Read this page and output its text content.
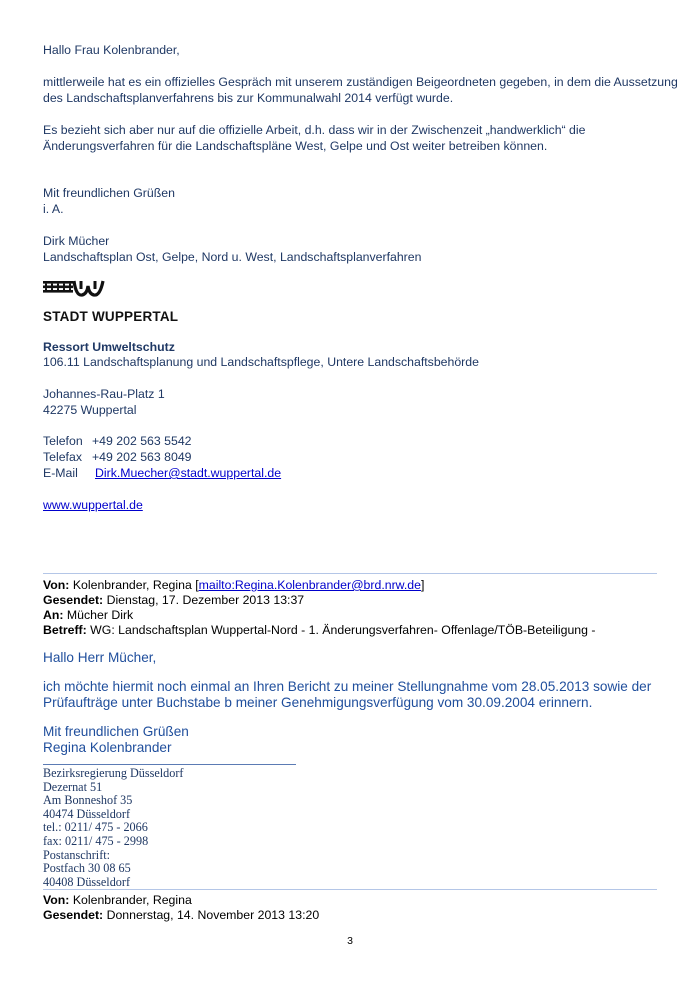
Hallo Frau Kolenbrander,

mittlerweile hat es ein offizielles Gespräch mit unserem zuständigen Beigeordneten gegeben, in dem die Aussetzung

des Landschaftsplanverfahrens bis zur Kommunalwahl 2014 verfügt wurde.

Es bezieht sich aber nur auf die offizielle Arbeit, d.h. dass wir in der Zwischenzeit „handwerklich“ die

Änderungsverfahren für die Landschaftspläne West, Gelpe und Ost weiter betreiben können.

Mit freundlichen Grüßen
i. A.
Dirk Mücher
Landschaftsplan Ost, Gelpe, Nord u. West, Landschaftsplanverfahren
STADT WUPPERTAL
Ressort Umweltschutz
106.11 Landschaftsplanung und Landschaftspflege, Untere Landschaftsbehörde
Johannes-Rau-Platz 1
42275 Wuppertal
Telefon +49 202 563 5542
Telefax +49 202 563 8049
E-Mail Dirk.Muecher@stadt.wuppertal.de
www.wuppertal.de
Von: Kolenbrander, Regina [mailto:Regina.Kolenbrander@brd.nrw.de]
Gesendet: Dienstag, 17. Dezember 2013 13:37
An: Mücher Dirk
Betreff: WG: Landschaftsplan Wuppertal-Nord - 1. Änderungsverfahren- Offenlage/TÖB-Beteiligung -
Hallo Herr Mücher,
ich möchte hiermit noch einmal an Ihren Bericht zu meiner Stellungnahme vom 28.05.2013 sowie der
Prüfaufträge unter Buchstabe b meiner Genehmigungsverfügung vom 30.09.2004 erinnern.
Mit freundlichen Grüßen
Regina Kolenbrander
Bezirksregierung Düsseldorf
Dezernat 51
Am Bonneshof 35
40474 Düsseldorf
tel.: 0211/ 475 - 2066
fax: 0211/ 475 - 2998
Postanschrift:
Postfach 30 08 65
40408 Düsseldorf
Von: Kolenbrander, Regina
Gesendet: Donnerstag, 14. November 2013 13:20
3
